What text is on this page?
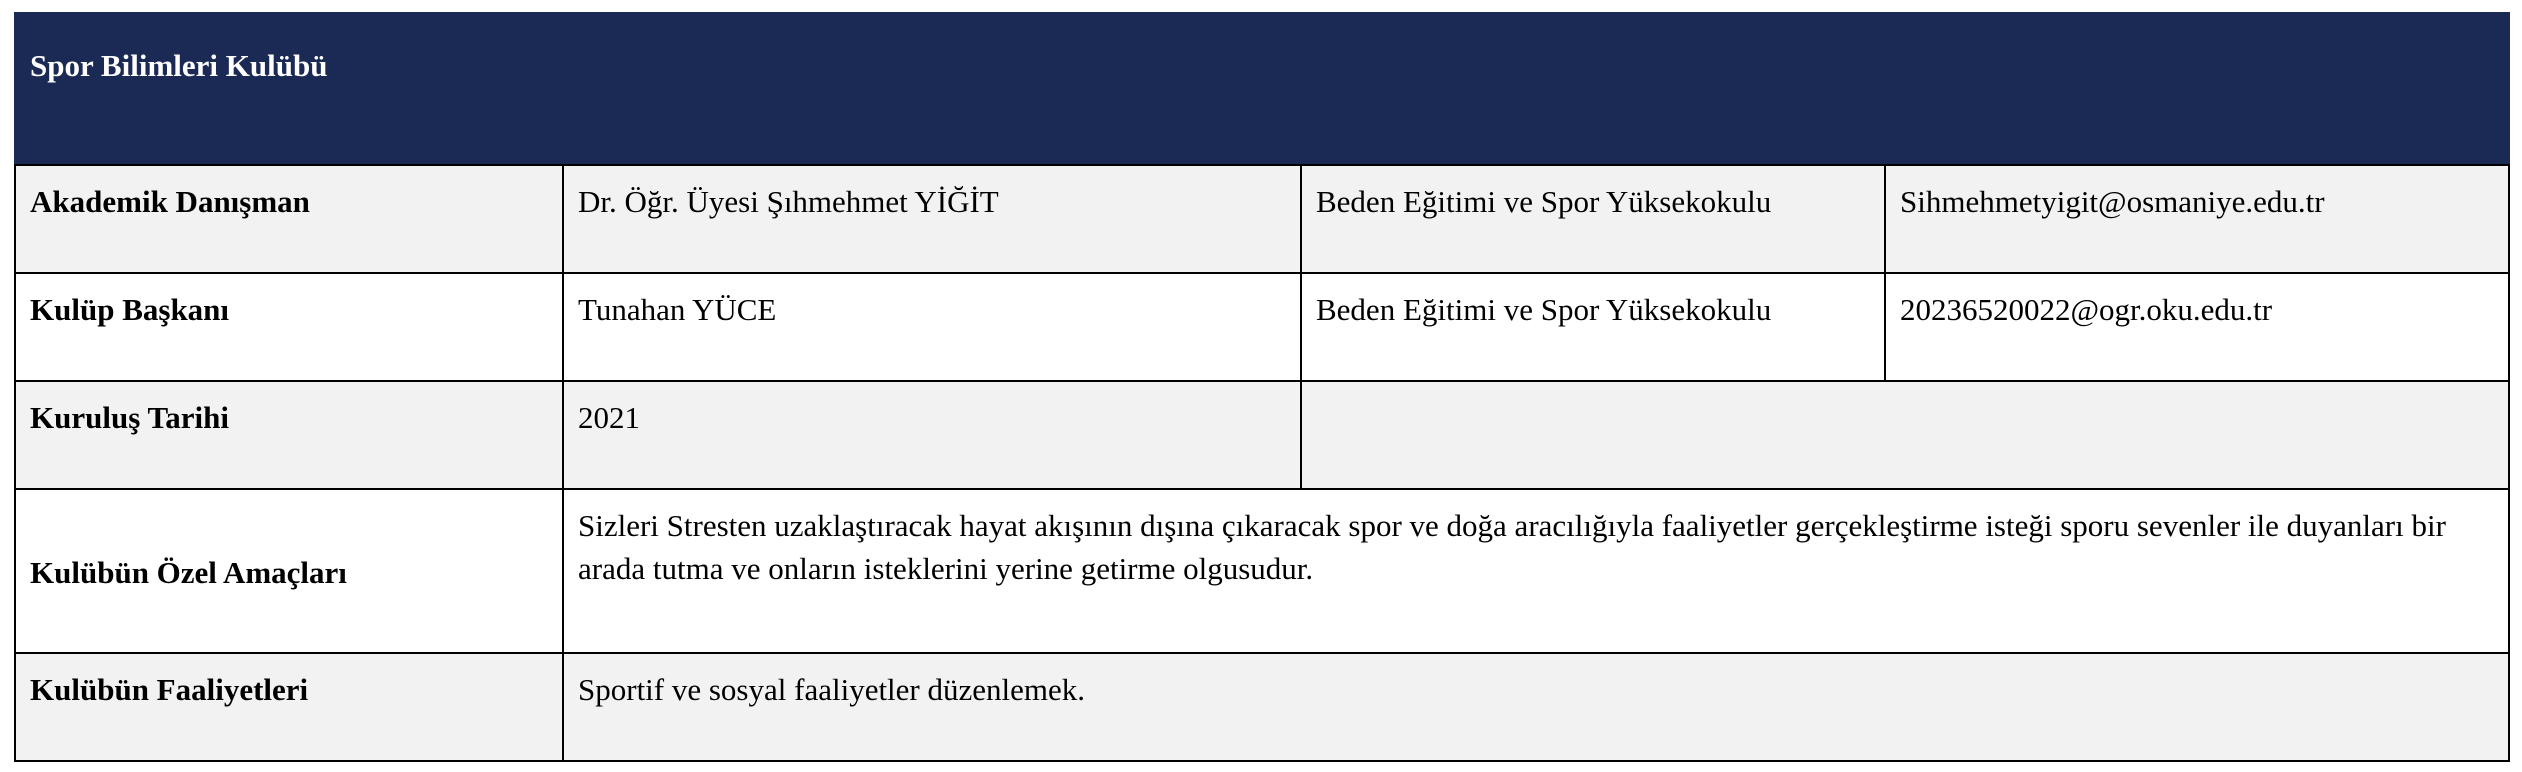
Spor Bilimleri Kulübü			
Akademik Danışman	Dr. Öğr. Üyesi Şıhmehmet YİĞİT	Beden Eğitimi ve Spor Yüksekokulu	Sihmehmetyigit@osmaniye.edu.tr
Kulüp Başkanı	Tunahan YÜCE	Beden Eğitimi ve Spor Yüksekokulu	20236520022@ogr.oku.edu.tr
Kuruluş Tarihi	2021		
Kulübün Özel Amaçları	Sizleri Stresten uzaklaştıracak hayat akışının dışına çıkaracak spor ve doğa aracılığıyla faaliyetler gerçekleştirme isteği sporu sevenler ile duyanları bir arada tutma ve onların isteklerini yerine getirme olgusudur.		
Kulübün Faaliyetleri	Sportif ve sosyal faaliyetler düzenlemek.		
